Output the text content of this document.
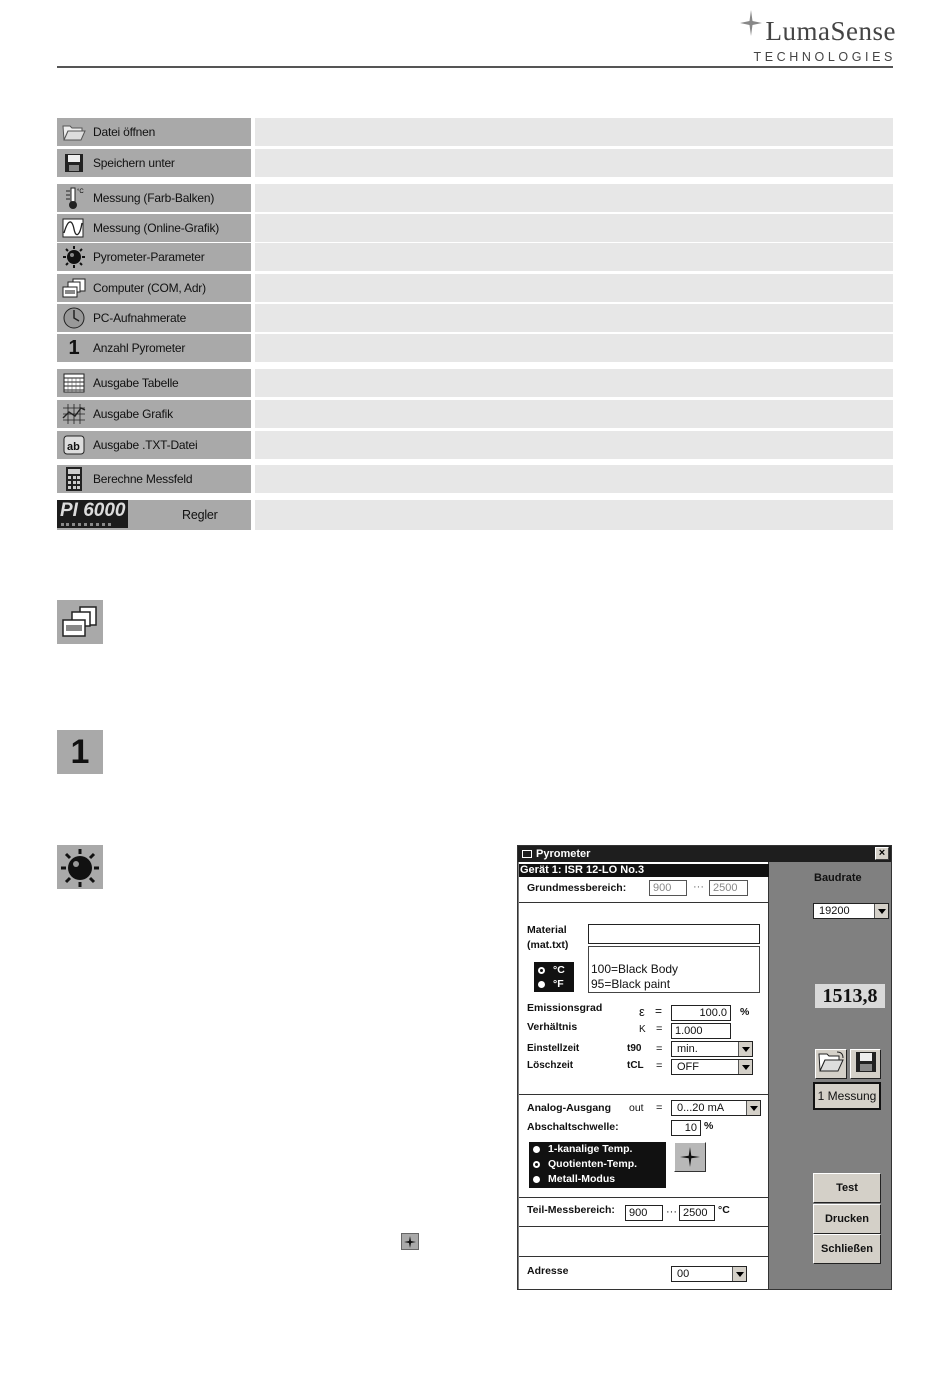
LumaSense
TECHNOLOGIES
Datei öffnen
Speichern unter
°C Messung (Farb-Balken)
Messung (Online-Grafik)
Pyrometer-Parameter
Computer (COM, Adr)
PC-Aufnahmerate
1	Anzahl Pyrometer
Ausgabe Tabelle
Ausgabe Grafik
ab Ausgabe .TXT-Datei
Berechne Messfeld
PI 6000	Regler
1
Pyrometer	×
Gerät 1: ISR 12-LO No.3
Grundmessbereich:	900	··· 2500
Material
(mat.txt)
100=Black Body
95=Black paint
°C
°F
Emissionsgrad	ε =	100.0	%
Verhältnis	K =	1.000
Einstellzeit	t90 =	min.
Löschzeit	tCL =	OFF
Analog-Ausgang out =	0...20 mA
Abschaltschwelle:	10 %
1-kanalige Temp.
Quotienten-Temp.
Metall-Modus
Teil-Messbereich:	900	··· 2500	°C
Adresse	00
Baudrate
19200
1513,8
1 Messung
Test
Drucken
Schließen
